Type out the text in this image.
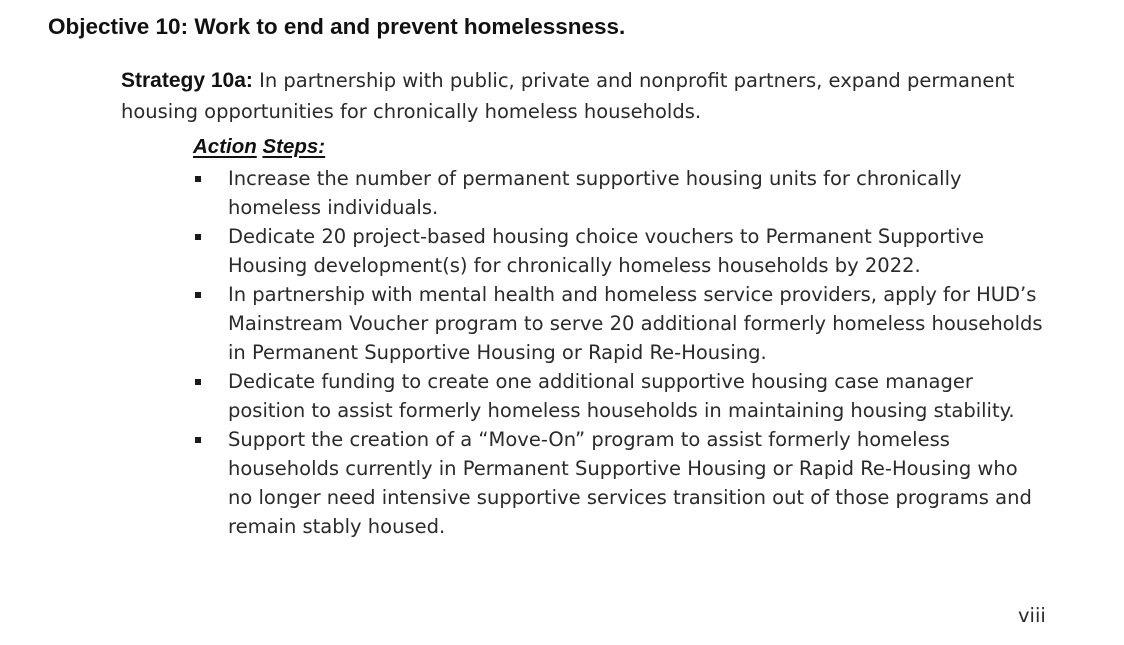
Objective 10: Work to end and prevent homelessness.
Strategy 10a: In partnership with public, private and nonprofit partners, expand permanent housing opportunities for chronically homeless households.
Action Steps:
Increase the number of permanent supportive housing units for chronically homeless individuals.
Dedicate 20 project-based housing choice vouchers to Permanent Supportive Housing development(s) for chronically homeless households by 2022.
In partnership with mental health and homeless service providers, apply for HUD’s Mainstream Voucher program to serve 20 additional formerly homeless households in Permanent Supportive Housing or Rapid Re-Housing.
Dedicate funding to create one additional supportive housing case manager position to assist formerly homeless households in maintaining housing stability.
Support the creation of a “Move-On” program to assist formerly homeless households currently in Permanent Supportive Housing or Rapid Re-Housing who no longer need intensive supportive services transition out of those programs and remain stably housed.
viii
